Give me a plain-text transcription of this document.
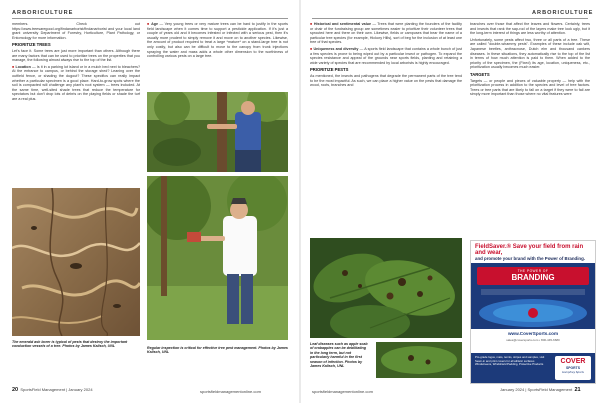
ARBORICULTURE

members. Check out https://www.treesaregood.org/findanarborist/findanarborist and your local land grant university Department of Forestry, Horticulture, Plant Pathology, or Entomology for more information.

PRIORITIZE TREES

Let's face it. Some trees are just more important than others. Although there are many factors that can be used to prioritize trees on the properties that you manage, the following almost always rise to the top of the list.

■ Location — Is it in a parking lot island or in a mulch bed next to bleachers? At the entrance to campus, or behind the storage shed? Leaning over the outfield fence, or shading the dugout? These specifics can really impact whether a particular specimen is a good place. Hard-to-grow spots where the soil is compacted will challenge any plant's root system — trees included. At the same time, well-sited shade trees that reduce the temperature for spectators but don't drop lots of debris on the playing fields or shade the turf are a real plus.

■ Age — Very young trees or very mature trees can be hard to justify in the sports field landscape when it comes time to support a pesticide application. If it's just a couple of years old and it becomes infested or infected with a serious pest, then it's usually more prudent to simply remove it and move on to another species. Likewise, the amount of product required to treat a large *mature* on a stand-large tree is not only costly, but also can be difficult to move to the canopy from trunk injections spraying the water and mass adds a whole other dimension to the worthiness of controlling various pests on a large tree.

The emerald ash borer is typical of pests that destroy the important conduction vessels of a tree. Photos by James Kalisch, UNL	Regular inspection is critical for effective tree pest management. Photos by James Kalisch, UNL
20 SportsField Management | January 2024	sportsfieldmanagementonline.com
ARBORICULTURE

■ Historical and sentimental value — Trees that were planting the founders of the facility or chair of the fundraising group are sometimes easier to prioritize their volunteer trees that sprouted here and there on their own. Likewise, fields or campuses that bear the name of a particular tree species (for example, Hickory Hills), sort of beg for the inclusion of at least one tree of that species.

■ Uniqueness and diversity — A sports field landscape that contains a whole bunch of just a few species is prone to being wiped out by a particular insect or pathogen. To expand the species resistance and appeal of the grounds near sports fields, planting and retaining a wide variety of species that are recommended by local arborists is highly encouraged.

PRIORITIZE PESTS

As mentioned, the insects and pathogens that degrade the permanent parts of the tree tend to be the most impactful. As such, we can place a higher value on the pests that damage the wood, roots, branches and

branches over those that affect the leaves and flowers. Certainly, trees and insects that rank the sap-rod of the layers make tree look ugly, but it the long-term interest of things are less worthy of attention.

Unfortunately, some pests affect two, three or all parts of a tree. These are called "double-whammy pests". Examples of these include oak wilt, Japanese beetles, anthracnose, Dutch elm and thousand cankers diseases. In these situations, they automatically rise to the top of the list in terms of how much attention is paid to them. When added to the priority of the specimen, the (Fixed) its age, location, uniqueness, etc., prioritization usually becomes much easier.

TARGETS

Targets — or people and pieces of valuable property — help with the prioritization process in addition to the species and level of tree factors. Trees or tree parts that are likely to fall on a target if they were to fail are simply more important than those where no vital features were

Leaf diseases such as apple scab of crabapples can be debilitating in the long term, but not particularly harmful in the first season of infection. Photos by James Kalisch, UNL
January 2024 | SportsField Management 21
sportsfieldmanagementonline.com
FieldSaver.® Save your field from rain and wear,
and promote your brand with the Power of Branding.
THE POWER OF
BRANDING
www.CoverSports.com
sales@coversports.com • 800-445-6680
Pro-grade logos, mats, tennis, stripes and samples, visit
Sewn-in and print covers for all athletic surfaces
Windscreens, Windshield Padding, Protective Products	COVER
SPORTS
Humphrey Sports
